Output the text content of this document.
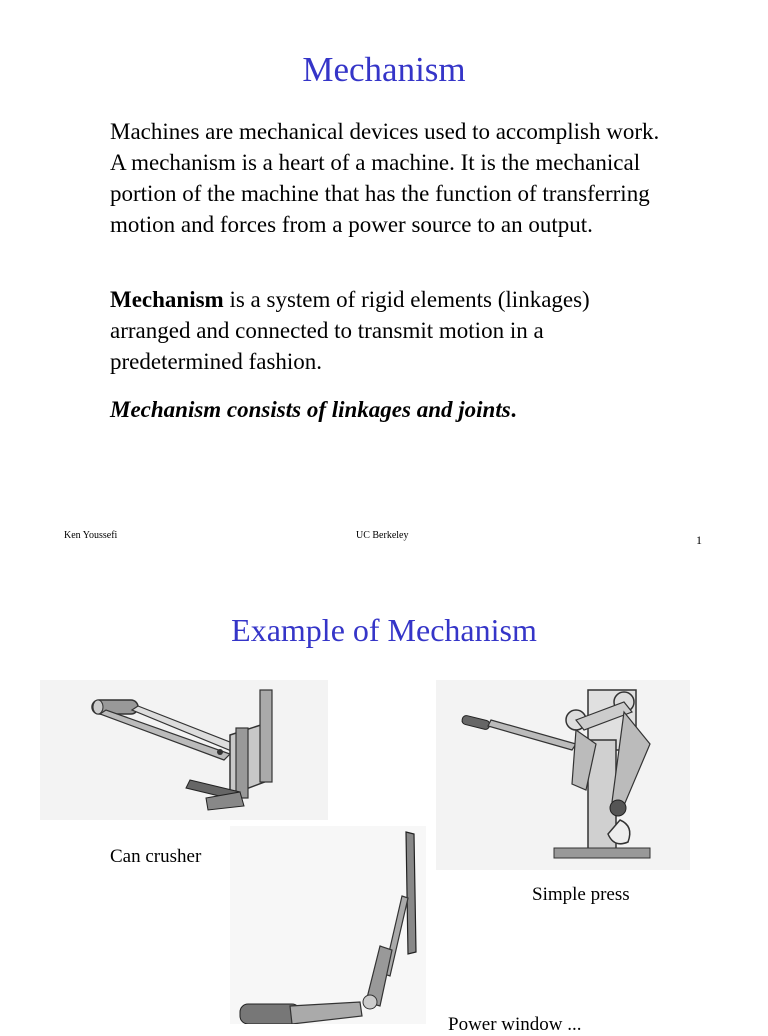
Mechanism
Machines are mechanical devices used to accomplish work. A mechanism is a heart of a machine. It is the mechanical portion of the machine that has the function of transferring motion and forces from a power source to an output.
Mechanism is a system of rigid elements (linkages) arranged and connected to transmit motion in a predetermined fashion.
Mechanism consists of linkages and joints.
Ken Youssefi	UC Berkeley	1
Example of Mechanism
Can crusher
Simple press
Power window ...
